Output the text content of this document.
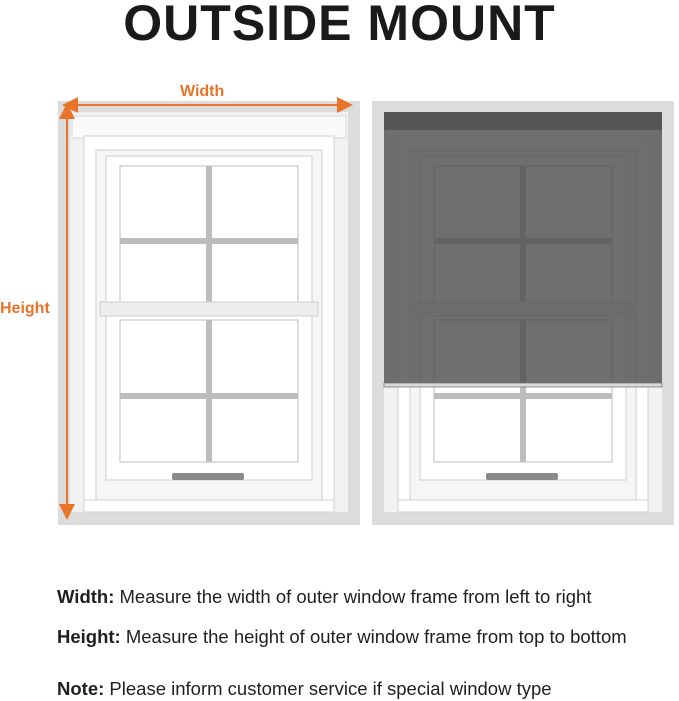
OUTSIDE MOUNT
Width
Height
Width: Measure the width of outer window frame from left to right
Height: Measure the height of outer window frame from top to bottom
Note: Please inform customer service if special window type
